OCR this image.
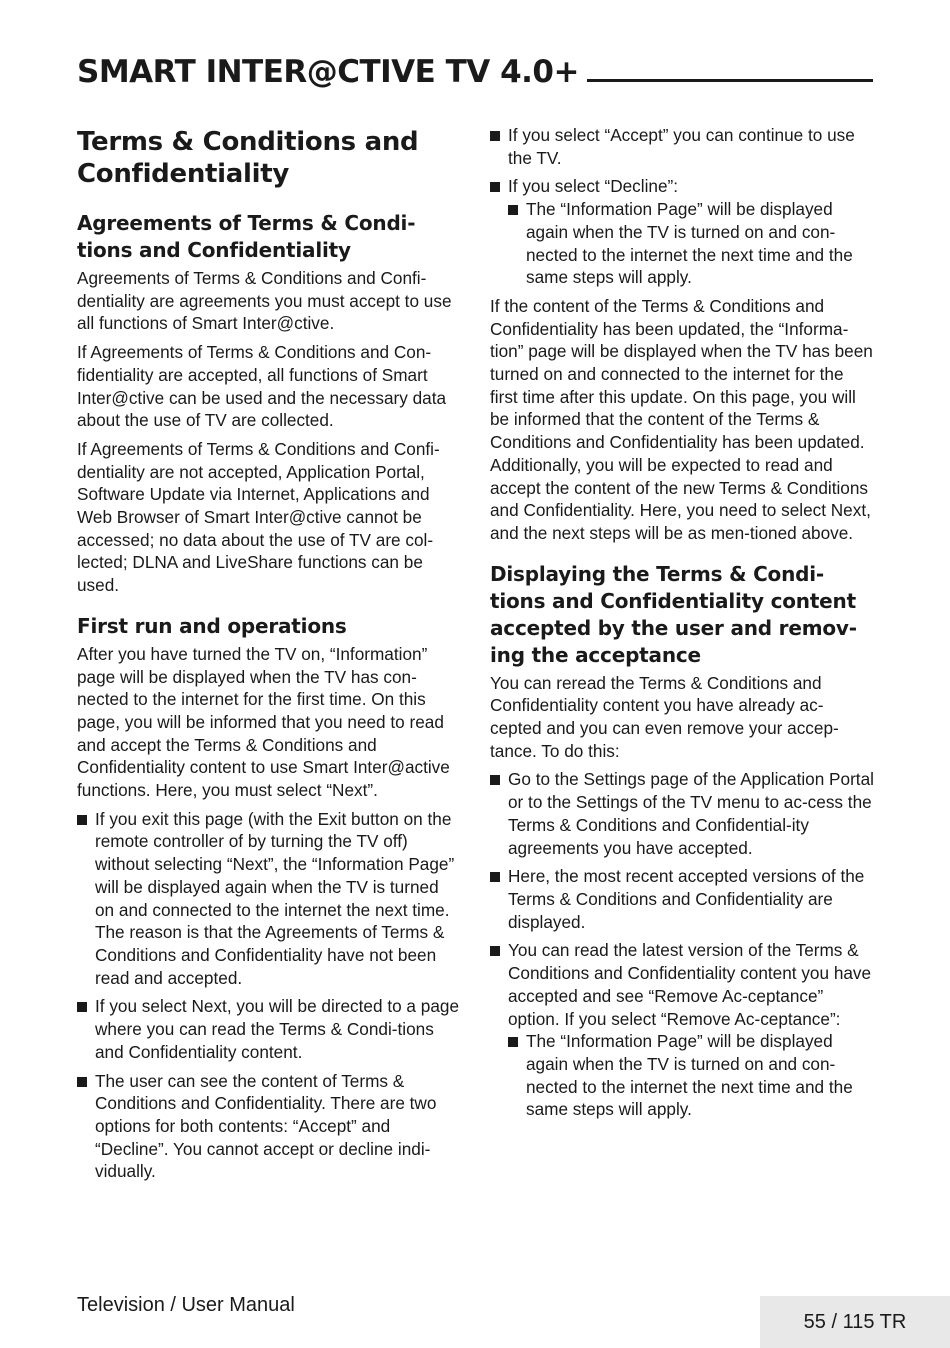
SMART INTER@CTIVE TV 4.0+
Terms & Conditions and Confidentiality
Agreements of Terms & Condi-tions and Confidentiality

Agreements of Terms & Conditions and Confi-dentiality are agreements you must accept to use all functions of Smart Inter@ctive.

If Agreements of Terms & Conditions and Con-fidentiality are accepted, all functions of Smart Inter@ctive can be used and the necessary data about the use of TV are collected.

If Agreements of Terms & Conditions and Confi-dentiality are not accepted, Application Portal, Software Update via Internet, Applications and Web Browser of Smart Inter@ctive cannot be accessed; no data about the use of TV are col-lected; DLNA and LiveShare functions can be used.

First run and operations

After you have turned the TV on, “Information” page will be displayed when the TV has con-nected to the internet for the first time. On this page, you will be informed that you need to read and accept the Terms & Conditions and Confidentiality content to use Smart Inter@active functions. Here, you must select “Next”.

If you exit this page (with the Exit button on the remote controller of by turning the TV off) without selecting “Next”, the “Information Page” will be displayed again when the TV is turned on and connected to the internet the next time. The reason is that the Agreements of Terms & Conditions and Confidentiality have not been read and accepted.
If you select Next, you will be directed to a page where you can read the Terms & Condi-tions and Confidentiality content.
The user can see the content of Terms & Conditions and Confidentiality. There are two options for both contents: “Accept” and “Decline”. You cannot accept or decline indi-vidually.
If you select “Accept” you can continue to use the TV.
If you select “Decline”:
The “Information Page” will be displayed again when the TV is turned on and con-nected to the internet the next time and the same steps will apply.

If the content of the Terms & Conditions and Confidentiality has been updated, the “Informa-tion” page will be displayed when the TV has been turned on and connected to the internet for the first time after this update. On this page, you will be informed that the content of the Terms & Conditions and Confidentiality has been updated. Additionally, you will be expected to read and accept the content of the new Terms & Conditions and Confidentiality. Here, you need to select Next, and the next steps will be as men-tioned above.

Displaying the Terms & Condi-tions and Confidentiality content accepted by the user and remov-ing the acceptance

You can reread the Terms & Conditions and Confidentiality content you have already ac-cepted and you can even remove your accep-tance. To do this:

Go to the Settings page of the Application Portal or to the Settings of the TV menu to ac-cess the Terms & Conditions and Confidential-ity agreements you have accepted.
Here, the most recent accepted versions of the Terms & Conditions and Confidentiality are displayed.
You can read the latest version of the Terms & Conditions and Confidentiality content you have accepted and see “Remove Ac-ceptance” option. If you select “Remove Ac-ceptance”:
The “Information Page” will be displayed again when the TV is turned on and con-nected to the internet the next time and the same steps will apply.
Television / User Manual
55 / 115 TR
